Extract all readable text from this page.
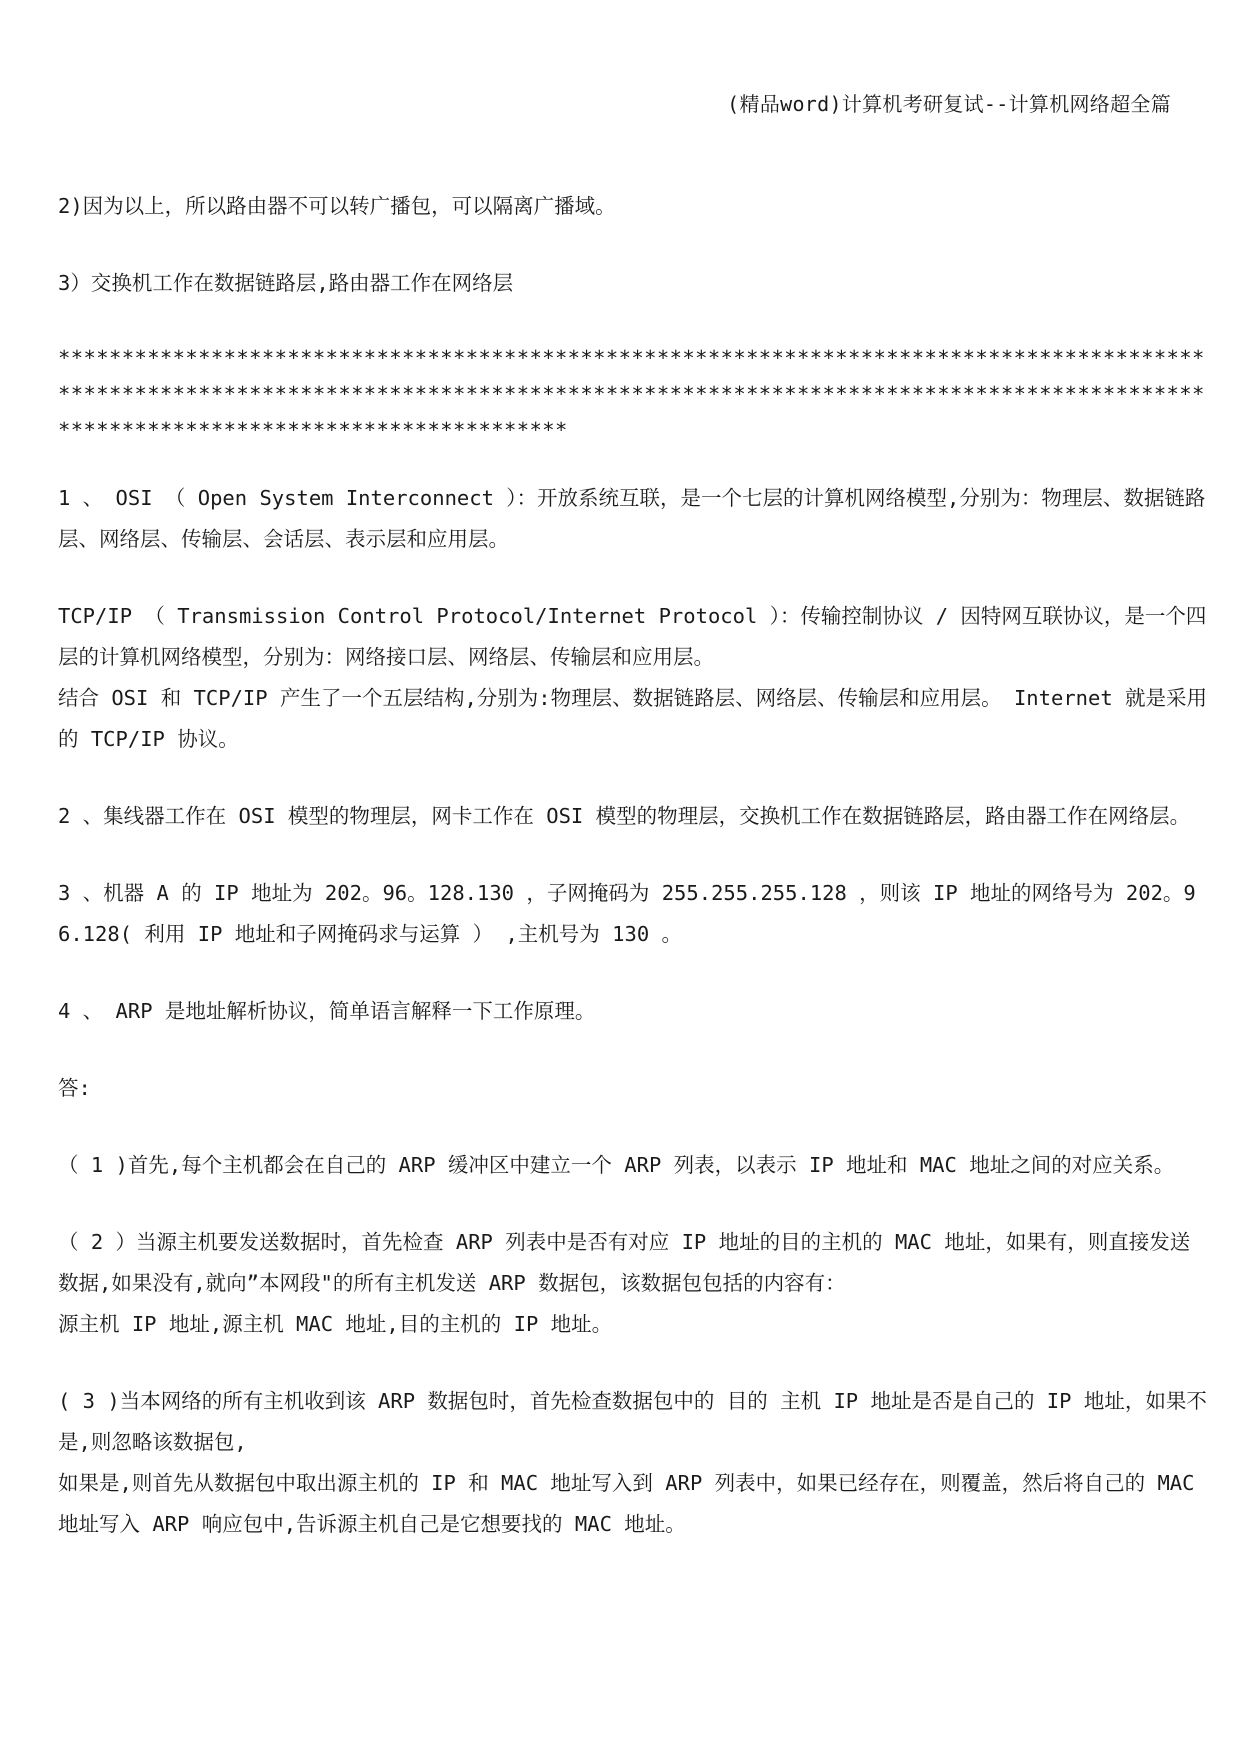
(精品word)计算机考研复试--计算机网络超全篇

2)因为以上，所以路由器不可以转广播包，可以隔离广播域。

3）交换机工作在数据链路层,路由器工作在网络层

****************************************************************************************************************************************************************************************************************************

1 、 OSI （ Open System Interconnect ）：开放系统互联，是一个七层的计算机网络模型,分别为：物理层、数据链路层、网络层、传输层、会话层、表示层和应用层。

TCP/IP （ Transmission Control Protocol/Internet Protocol ）：传输控制协议 / 因特网互联协议，是一个四层的计算机网络模型，分别为：网络接口层、网络层、传输层和应用层。

结合 OSI 和 TCP/IP 产生了一个五层结构,分别为:物理层、数据链路层、网络层、传输层和应用层。 Internet 就是采用的 TCP/IP 协议。

2 、集线器工作在 OSI 模型的物理层，网卡工作在 OSI 模型的物理层，交换机工作在数据链路层，路由器工作在网络层。

3 、机器 A 的 IP 地址为 202。96。128.130 ，子网掩码为 255.255.255.128 ，则该 IP 地址的网络号为 202。96.128( 利用 IP 地址和子网掩码求与运算 ） ,主机号为 130 。

4 、 ARP 是地址解析协议，简单语言解释一下工作原理。

答:

（ 1 )首先,每个主机都会在自己的 ARP 缓冲区中建立一个 ARP 列表，以表示 IP 地址和 MAC 地址之间的对应关系。

（ 2 ）当源主机要发送数据时，首先检查 ARP 列表中是否有对应 IP 地址的目的主机的 MAC 地址，如果有，则直接发送数据,如果没有,就向”本网段"的所有主机发送 ARP 数据包，该数据包包括的内容有：

源主机 IP 地址,源主机 MAC 地址,目的主机的 IP 地址。

( 3 )当本网络的所有主机收到该 ARP 数据包时，首先检查数据包中的 目的 主机 IP 地址是否是自己的 IP 地址，如果不是,则忽略该数据包,

如果是,则首先从数据包中取出源主机的 IP 和 MAC 地址写入到 ARP 列表中，如果已经存在，则覆盖，然后将自己的 MAC 地址写入 ARP 响应包中,告诉源主机自己是它想要找的 MAC 地址。
